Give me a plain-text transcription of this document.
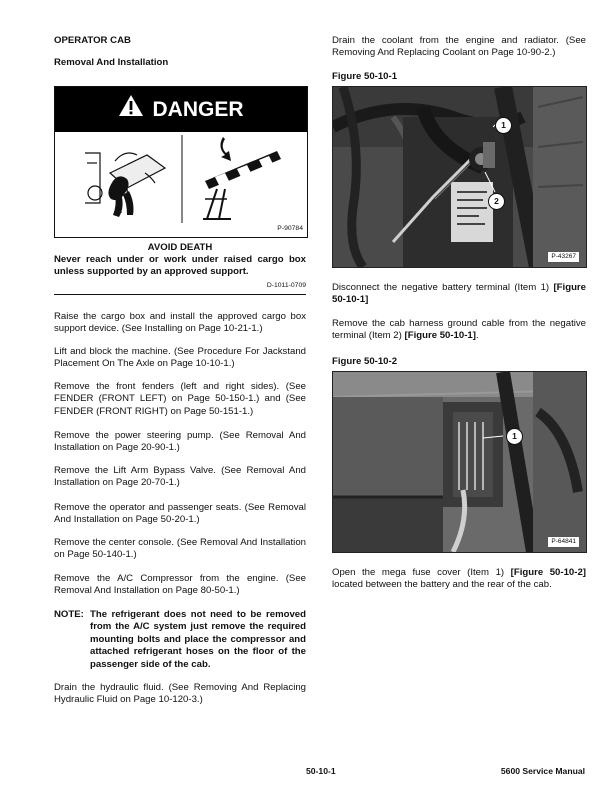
OPERATOR CAB
Removal And Installation
DANGER
P-90784
AVOID DEATH
Never reach under or work under raised cargo box unless supported by an approved support.
D-1011-0709
Raise the cargo box and install the approved cargo box support device. (See Installing on Page 10-21-1.)
Lift and block the machine. (See Procedure For Jackstand Placement On The Axle on Page 10-10-1.)
Remove the front fenders (left and right sides). (See FENDER (FRONT LEFT) on Page 50-150-1.) and (See FENDER (FRONT RIGHT) on Page 50-151-1.)
Remove the power steering pump. (See Removal And Installation on Page 20-90-1.)
Remove the Lift Arm Bypass Valve. (See Removal And Installation on Page 20-70-1.)
Remove the operator and passenger seats. (See Removal And Installation on Page 50-20-1.)
Remove the center console. (See Removal And Installation on Page 50-140-1.)
Remove the A/C Compressor from the engine. (See Removal And Installation on Page 80-50-1.)
NOTE: The refrigerant does not need to be removed from the A/C system just remove the required mounting bolts and place the compressor and attached refrigerant hoses on the floor of the passenger side of the cab.
Drain the hydraulic fluid. (See Removing And Replacing Hydraulic Fluid on Page 10-120-3.)
Drain the coolant from the engine and radiator. (See Removing And Replacing Coolant on Page 10-90-2.)
Figure 50-10-1
1
2
P-43267
Disconnect the negative battery terminal (Item 1) [Figure 50-10-1]
Remove the cab harness ground cable from the negative terminal (Item 2) [Figure 50-10-1].
Figure 50-10-2
1
P-64841
Open the mega fuse cover (Item 1) [Figure 50-10-2] located between the battery and the rear of the cab.
50-10-1	5600 Service Manual
